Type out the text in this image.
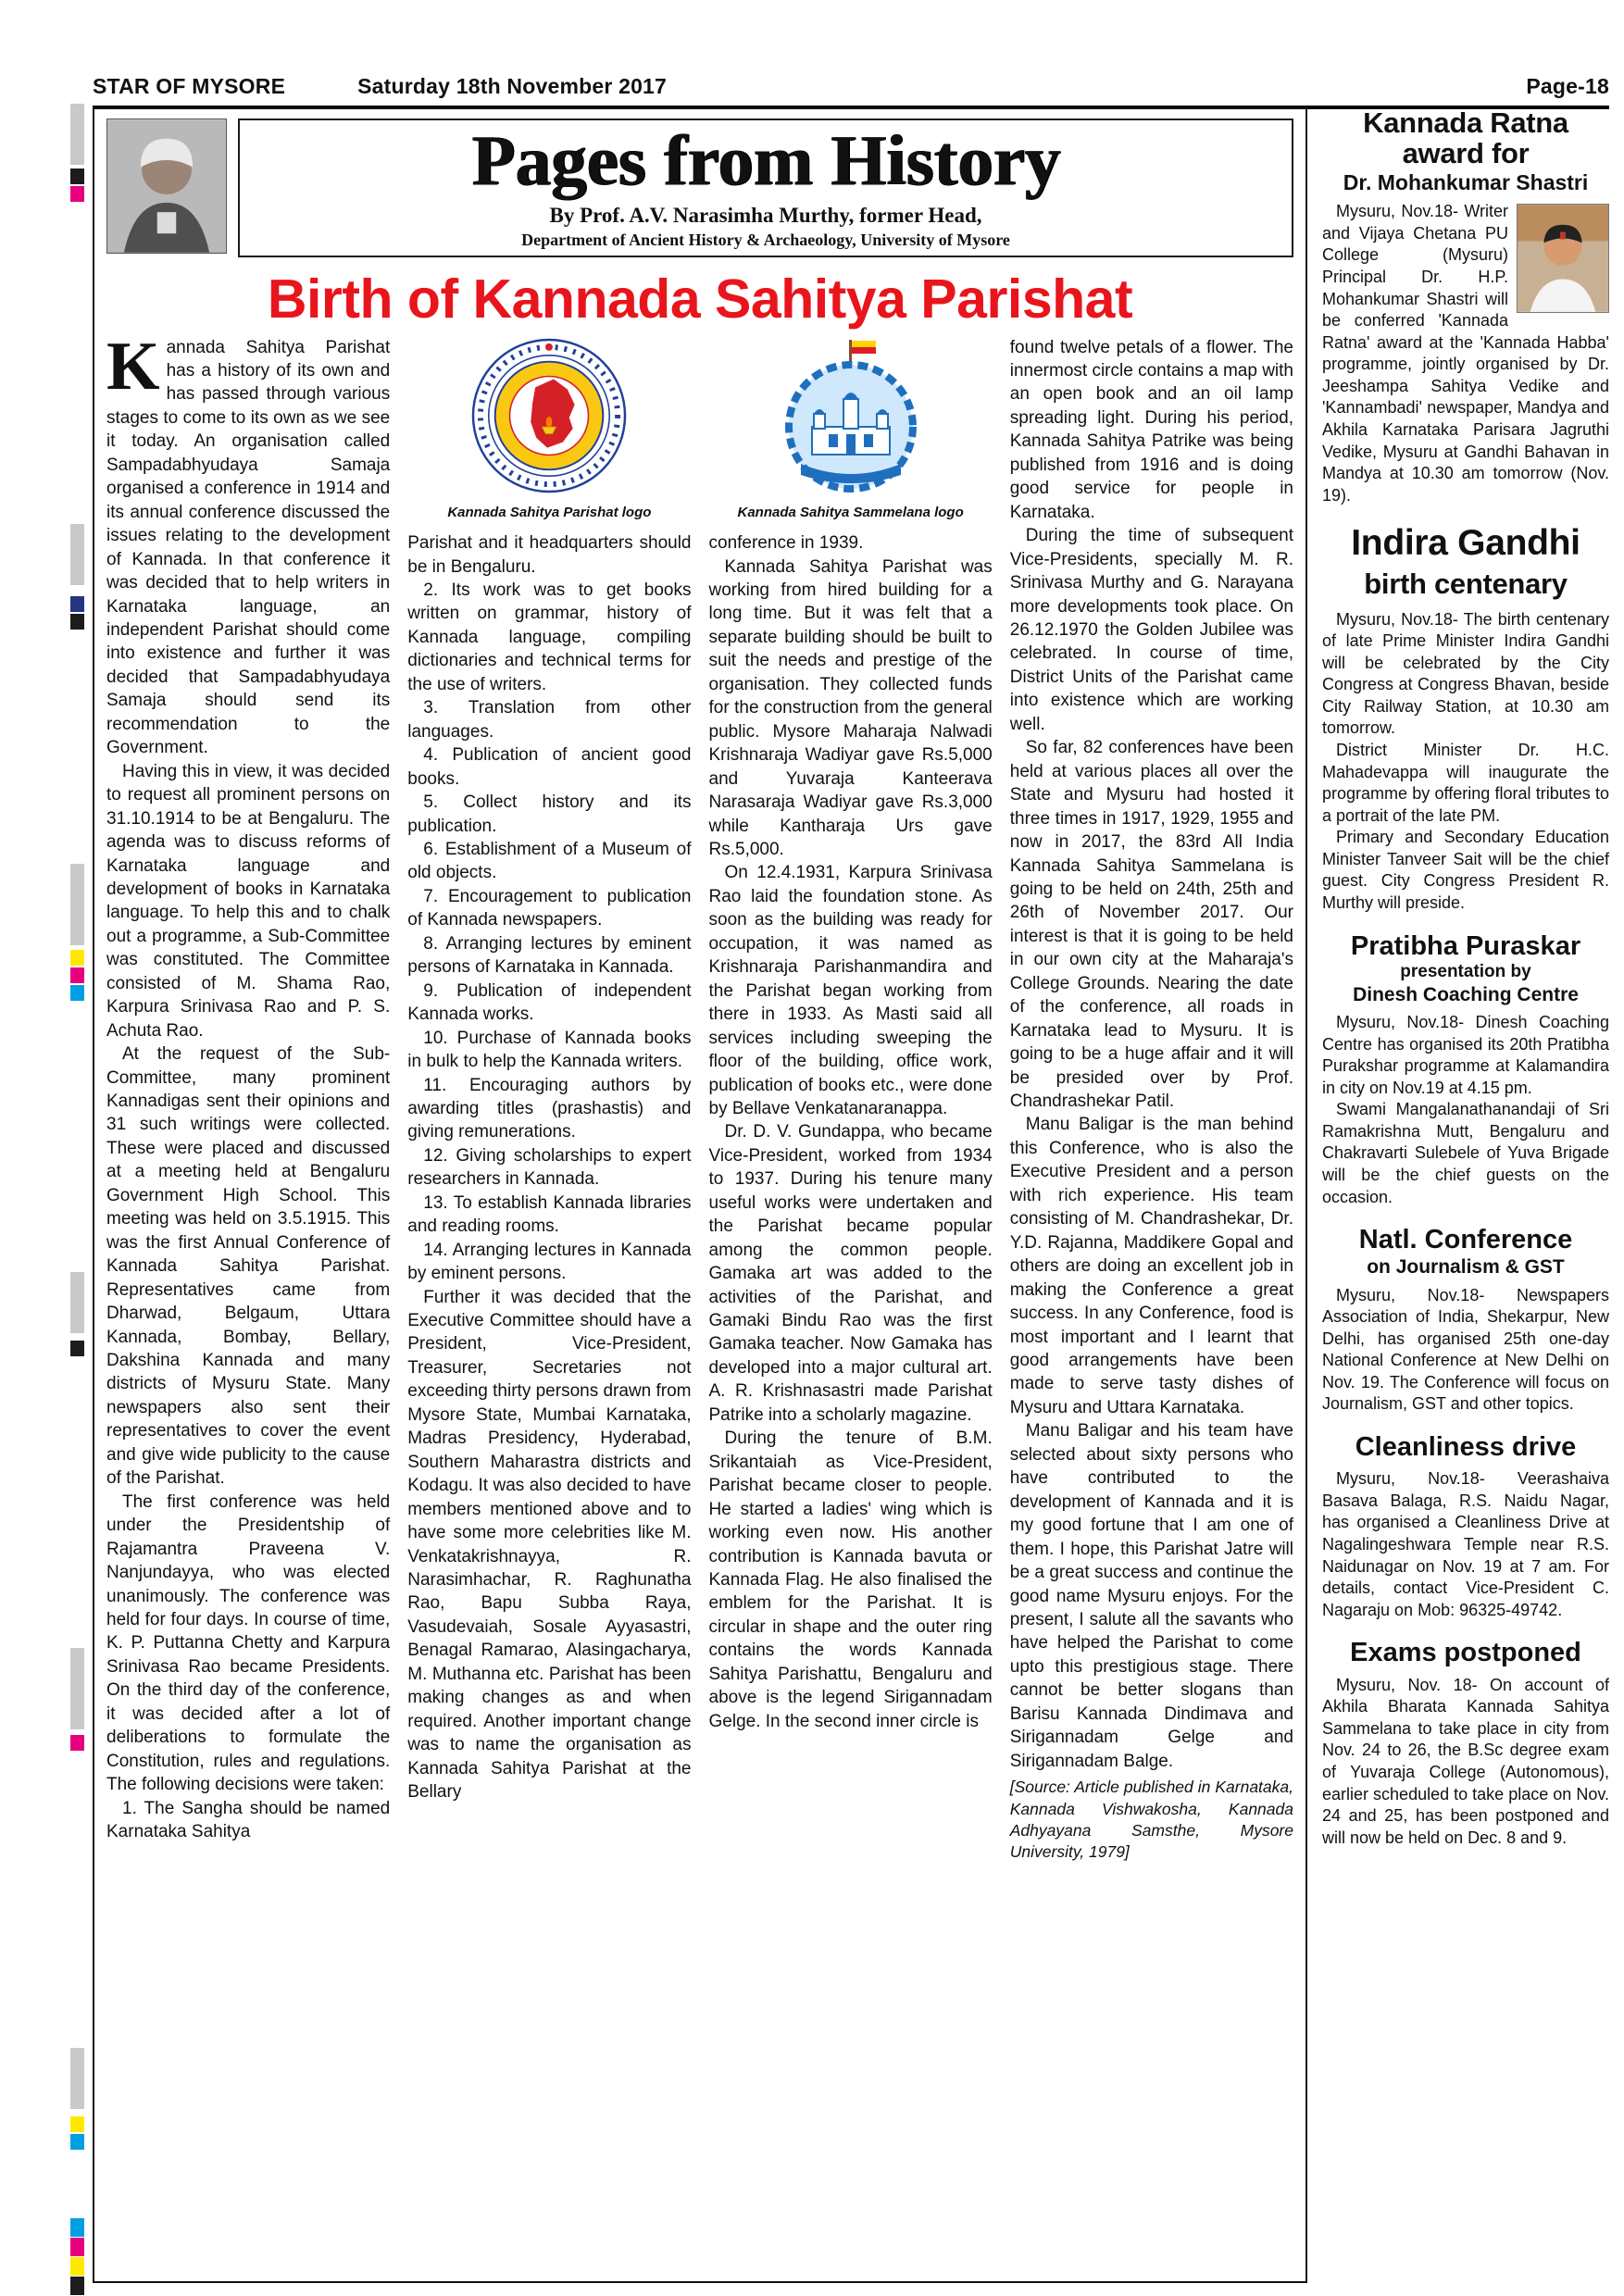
STAR OF MYSORE	Saturday 18th November 2017	Page-18
Pages from History
By Prof. A.V. Narasimha Murthy, former Head,
Department of Ancient History & Archaeology, University of Mysore
Birth of Kannada Sahitya Parishat

Kannada Sahitya Parishat has a history of its own and has passed through various stages to come to its own as we see it today. An organisation called Sampadabhyudaya Samaja organised a conference in 1914 and its annual conference discussed the issues relating to the development of Kannada. In that conference it was decided that to help writers in Karnataka language, an independent Parishat should come into existence and further it was decided that Sampadabhyudaya Samaja should send its recommendation to the Government.

Having this in view, it was decided to request all prominent persons on 31.10.1914 to be at Bengaluru. The agenda was to discuss reforms of Karnataka language and development of books in Karnataka language. To help this and to chalk out a programme, a Sub-Committee was constituted. The Committee consisted of M. Shama Rao, Karpura Srinivasa Rao and P. S. Achuta Rao.

At the request of the Sub-Committee, many prominent Kannadigas sent their opinions and 31 such writings were collected. These were placed and discussed at a meeting held at Bengaluru Government High School. This meeting was held on 3.5.1915. This was the first Annual Conference of Kannada Sahitya Parishat. Representatives came from Dharwad, Belgaum, Uttara Kannada, Bombay, Bellary, Dakshina Kannada and many districts of Mysuru State. Many newspapers also sent their representatives to cover the event and give wide publicity to the cause of the Parishat.

The first conference was held under the Presidentship of Rajamantra Praveena V. Nanjundayya, who was elected unanimously. The conference was held for four days. In course of time, K. P. Puttanna Chetty and Karpura Srinivasa Rao became Presidents. On the third day of the conference, it was decided after a lot of deliberations to formulate the Constitution, rules and regulations. The following decisions were taken:

1. The Sangha should be named Karnataka Sahitya

Kannada Sahitya Parishat logo

Parishat and it headquarters should be in Bengaluru.

2. Its work was to get books written on grammar, history of Kannada language, compiling dictionaries and technical terms for the use of writers.

3. Translation from other languages.

4. Publication of ancient good books.

5. Collect history and its publication.

6. Establishment of a Museum of old objects.

7. Encouragement to publication of Kannada newspapers.

8. Arranging lectures by eminent persons of Karnataka in Kannada.

9. Publication of independent Kannada works.

10. Purchase of Kannada books in bulk to help the Kannada writers.

11. Encouraging authors by awarding titles (prashastis) and giving remunerations.

12. Giving scholarships to expert researchers in Kannada.

13. To establish Kannada libraries and reading rooms.

14. Arranging lectures in Kannada by eminent persons.

Further it was decided that the Executive Committee should have a President, Vice-President, Treasurer, Secretaries not exceeding thirty persons drawn from Mysore State, Mumbai Karnataka, Madras Presidency, Hyderabad, Southern Maharastra districts and Kodagu. It was also decided to have members mentioned above and to have some more celebrities like M. Venkatakrishnayya, R. Narasimhachar, R. Raghunatha Rao, Bapu Subba Raya, Vasudevaiah, Sosale Ayyasastri, Benagal Ramarao, Alasingacharya, M. Muthanna etc. Parishat has been making changes as and when required. Another important change was to name the organisation as Kannada Sahitya Parishat at the Bellary

Kannada Sahitya Sammelana logo

conference in 1939.

Kannada Sahitya Parishat was working from hired building for a long time. But it was felt that a separate building should be built to suit the needs and prestige of the organisation. They collected funds for the construction from the general public. Mysore Maharaja Nalwadi Krishnaraja Wadiyar gave Rs.5,000 and Yuvaraja Kanteerava Narasaraja Wadiyar gave Rs.3,000 while Kantharaja Urs gave Rs.5,000.

On 12.4.1931, Karpura Srinivasa Rao laid the foundation stone. As soon as the building was ready for occupation, it was named as Krishnaraja Parishanmandira and the Parishat began working from there in 1933. As Masti said all services including sweeping the floor of the building, office work, publication of books etc., were done by Bellave Venkatanaranappa.

Dr. D. V. Gundappa, who became Vice-President, worked from 1934 to 1937. During his tenure many useful works were undertaken and the Parishat became popular among the common people. Gamaka art was added to the activities of the Parishat, and Gamaki Bindu Rao was the first Gamaka teacher. Now Gamaka has developed into a major cultural art. A. R. Krishnasastri made Parishat Patrike into a scholarly magazine.

During the tenure of B.M. Srikantaiah as Vice-President, Parishat became closer to people. He started a ladies' wing which is working even now. His another contribution is Kannada bavuta or Kannada Flag. He also finalised the emblem for the Parishat. It is circular in shape and the outer ring contains the words Kannada Sahitya Parishattu, Bengaluru and above is the legend Sirigannadam Gelge. In the second inner circle is

found twelve petals of a flower. The innermost circle contains a map with an open book and an oil lamp spreading light. During his period, Kannada Sahitya Patrike was being published from 1916 and is doing good service for people in Karnataka.

During the time of subsequent Vice-Presidents, specially M. R. Srinivasa Murthy and G. Narayana more developments took place. On 26.12.1970 the Golden Jubilee was celebrated. In course of time, District Units of the Parishat came into existence which are working well.

So far, 82 conferences have been held at various places all over the State and Mysuru had hosted it three times in 1917, 1929, 1955 and now in 2017, the 83rd All India Kannada Sahitya Sammelana is going to be held on 24th, 25th and 26th of November 2017. Our interest is that it is going to be held in our own city at the Maharaja's College Grounds. Nearing the date of the conference, all roads in Karnataka lead to Mysuru. It is going to be a huge affair and it will be presided over by Prof. Chandrashekar Patil.

Manu Baligar is the man behind this Conference, who is also the Executive President and a person with rich experience. His team consisting of M. Chandrashekar, Dr. Y.D. Rajanna, Maddikere Gopal and others are doing an excellent job in making the Conference a great success. In any Conference, food is most important and I learnt that good arrangements have been made to serve tasty dishes of Mysuru and Uttara Karnataka.

Manu Baligar and his team have selected about sixty persons who have contributed to the development of Kannada and it is my good fortune that I am one of them. I hope, this Parishat Jatre will be a great success and continue the good name Mysuru enjoys. For the present, I salute all the savants who have helped the Parishat to come upto this prestigious stage. There cannot be better slogans than Barisu Kannada Dindimava and Sirigannadam Gelge and Sirigannadam Balge.

[Source: Article published in Karnataka, Kannada Vishwakosha, Kannada Adhyayana Samsthe, Mysore University, 1979]

Kannada Ratna
award for
Dr. Mohankumar Shastri

Mysuru, Nov.18- Writer and Vijaya Chetana PU College (Mysuru) Principal Dr. H.P. Mohankumar Shastri will be conferred 'Kannada Ratna' award at the 'Kannada Habba' programme, jointly organised by Dr. Jeeshampa Sahitya Vedike and 'Kannambadi' newspaper, Mandya and Akhila Karnataka Parisara Jagruthi Vedike, Mysuru at Gandhi Bahavan in Mandya at 10.30 am tomorrow (Nov. 19).

Indira Gandhi
birth centenary

Mysuru, Nov.18- The birth centenary of late Prime Minister Indira Gandhi will be celebrated by the City Congress at Congress Bhavan, beside City Railway Station, at 10.30 am tomorrow.

District Minister Dr. H.C. Mahadevappa will inaugurate the programme by offering floral tributes to a portrait of the late PM.

Primary and Secondary Education Minister Tanveer Sait will be the chief guest. City Congress President R. Murthy will preside.

Pratibha Puraskar
presentation by
Dinesh Coaching Centre

Mysuru, Nov.18- Dinesh Coaching Centre has organised its 20th Pratibha Purakshar programme at Kalamandira in city on Nov.19 at 4.15 pm.

Swami Mangalanathanandaji of Sri Ramakrishna Mutt, Bengaluru and Chakravarti Sulebele of Yuva Brigade will be the chief guests on the occasion.

Natl. Conference
on Journalism & GST

Mysuru, Nov.18- Newspapers Association of India, Shekarpur, New Delhi, has organised 25th one-day National Conference at New Delhi on Nov. 19. The Conference will focus on Journalism, GST and other topics.

Cleanliness drive

Mysuru, Nov.18- Veerashaiva Basava Balaga, R.S. Naidu Nagar, has organised a Cleanliness Drive at Nagalingeshwara Temple near R.S. Naidunagar on Nov. 19 at 7 am. For details, contact Vice-President C. Nagaraju on Mob: 96325-49742.

Exams postponed

Mysuru, Nov. 18- On account of Akhila Bharata Kannada Sahitya Sammelana to take place in city from Nov. 24 to 26, the B.Sc degree exam of Yuvaraja College (Autonomous), earlier scheduled to take place on Nov. 24 and 25, has been postponed and will now be held on Dec. 8 and 9.
